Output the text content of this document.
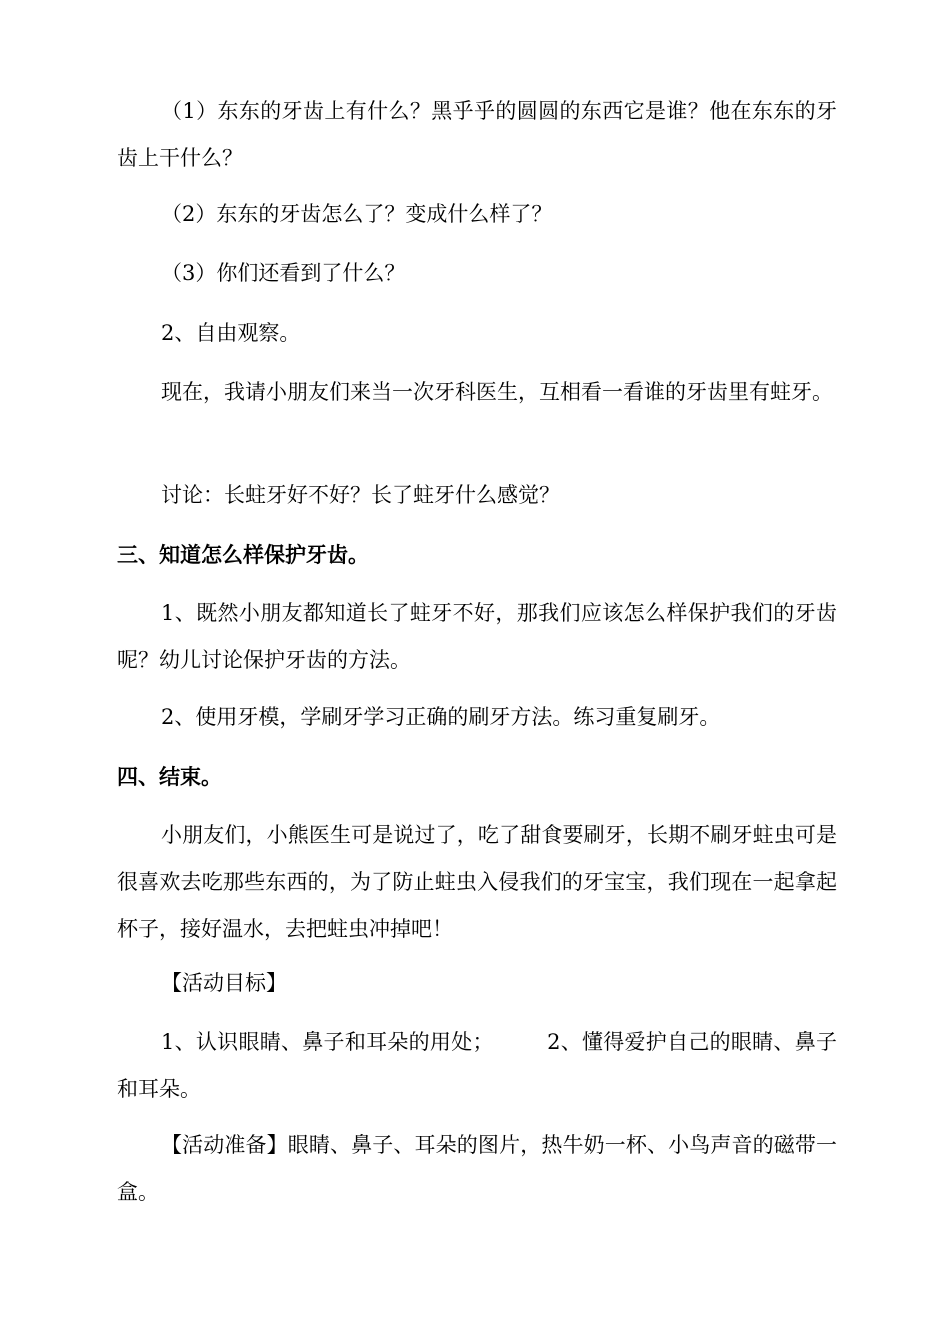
（1）东东的牙齿上有什么？黑乎乎的圆圆的东西它是谁？他在东东的牙齿上干什么？

（2）东东的牙齿怎么了？变成什么样了？

（3）你们还看到了什么？

2、自由观察。

现在，我请小朋友们来当一次牙科医生，互相看一看谁的牙齿里有蛀牙。

讨论：长蛀牙好不好？长了蛀牙什么感觉？

三、知道怎么样保护牙齿。

1、既然小朋友都知道长了蛀牙不好，那我们应该怎么样保护我们的牙齿呢？幼儿讨论保护牙齿的方法。

2、使用牙模，学刷牙学习正确的刷牙方法。练习重复刷牙。

四、结束。

小朋友们，小熊医生可是说过了，吃了甜食要刷牙，长期不刷牙蛀虫可是很喜欢去吃那些东西的，为了防止蛀虫入侵我们的牙宝宝，我们现在一起拿起杯子，接好温水，去把蛀虫冲掉吧！

【活动目标】

1、认识眼睛、鼻子和耳朵的用处；　　　2、懂得爱护自己的眼睛、鼻子和耳朵。

【活动准备】眼睛、鼻子、耳朵的图片，热牛奶一杯、小鸟声音的磁带一盒。
